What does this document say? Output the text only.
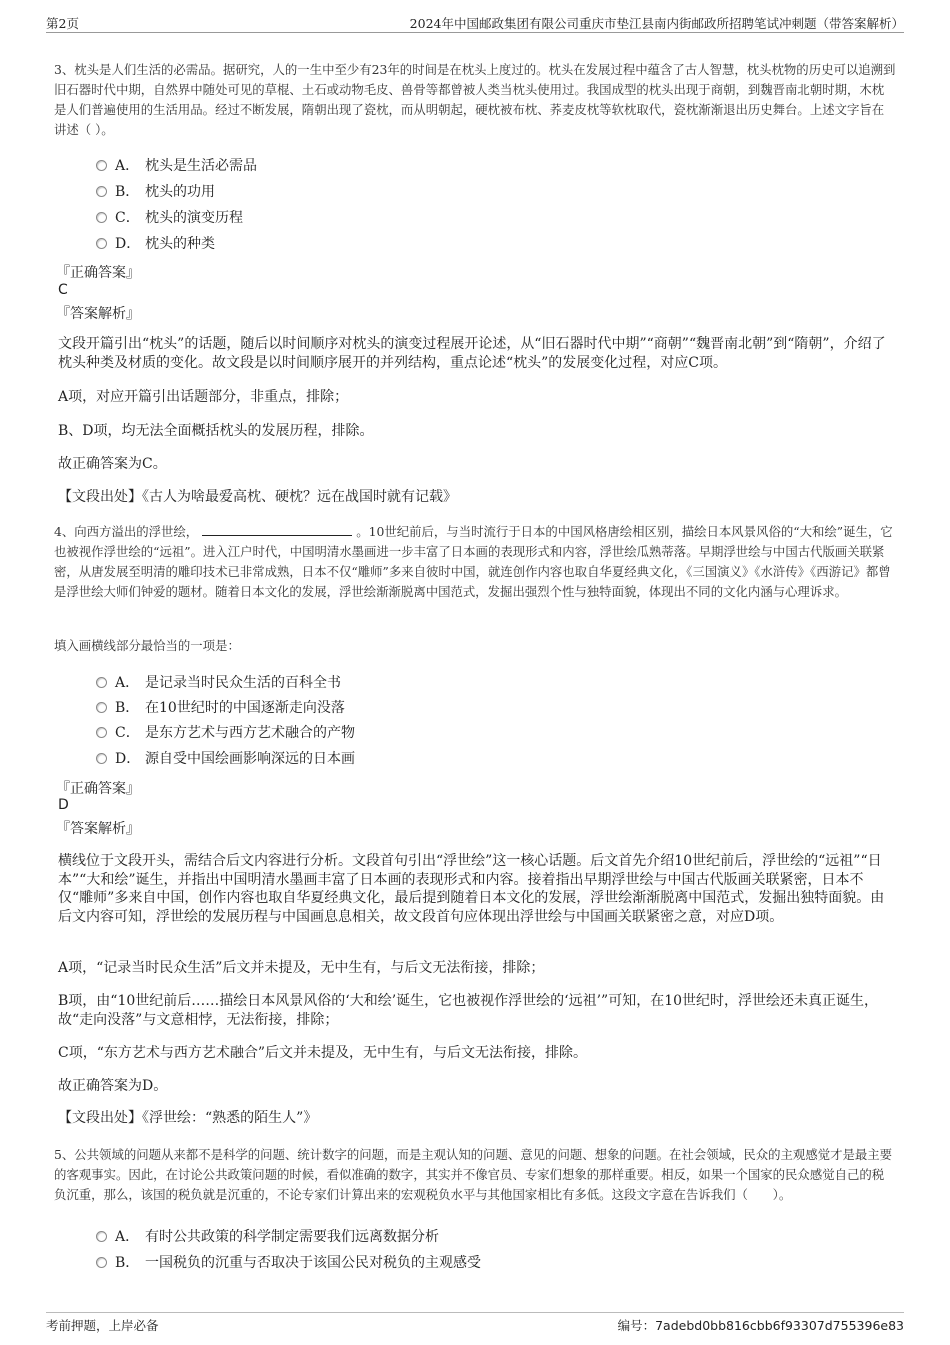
第2页	2024年中国邮政集团有限公司重庆市垫江县南内街邮政所招聘笔试冲刺题（带答案解析）

3、枕头是人们生活的必需品。据研究，人的一生中至少有23年的时间是在枕头上度过的。枕头在发展过程中蕴含了古人智慧，枕头枕物的历史可以追溯到旧石器时代中期，自然界中随处可见的草棍、土石或动物毛皮、兽骨等都曾被人类当枕头使用过。我国成型的枕头出现于商朝，到魏晋南北朝时期，木枕是人们普遍使用的生活用品。经过不断发展，隋朝出现了瓷枕，而从明朝起，硬枕被布枕、荞麦皮枕等软枕取代，瓷枕渐渐退出历史舞台。上述文字旨在讲述（ ）。

A． 枕头是生活必需品
B． 枕头的功用
C． 枕头的演变历程
D． 枕头的种类
『正确答案』
C
『答案解析』

文段开篇引出“枕头”的话题，随后以时间顺序对枕头的演变过程展开论述，从“旧石器时代中期”“商朝”“魏晋南北朝”到“隋朝”，介绍了枕头种类及材质的变化。故文段是以时间顺序展开的并列结构，重点论述“枕头”的发展变化过程，对应C项。

A项，对应开篇引出话题部分，非重点，排除；

B、D项，均无法全面概括枕头的发展历程，排除。

故正确答案为C。

【文段出处】《古人为啥最爱高枕、硬枕？远在战国时就有记载》

4、向西方溢出的浮世绘，	。10世纪前后，与当时流行于日本的中国风格唐绘相区别，描绘日本风景风俗的“大和绘”诞生，它也被视作浮世绘的“远祖”。进入江户时代，中国明清水墨画进一步丰富了日本画的表现形式和内容，浮世绘瓜熟蒂落。早期浮世绘与中国古代版画关联紧密，从唐发展至明清的雕印技术已非常成熟，日本不仅“雕师”多来自彼时中国，就连创作内容也取自华夏经典文化，《三国演义》《水浒传》《西游记》都曾是浮世绘大师们钟爱的题材。随着日本文化的发展，浮世绘渐渐脱离中国范式，发掘出强烈个性与独特面貌，体现出不同的文化内涵与心理诉求。

填入画横线部分最恰当的一项是：

A． 是记录当时民众生活的百科全书
B． 在10世纪时的中国逐渐走向没落
C． 是东方艺术与西方艺术融合的产物
D． 源自受中国绘画影响深远的日本画
『正确答案』
D
『答案解析』

横线位于文段开头，需结合后文内容进行分析。文段首句引出“浮世绘”这一核心话题。后文首先介绍10世纪前后，浮世绘的“远祖”“日本”“大和绘”诞生，并指出中国明清水墨画丰富了日本画的表现形式和内容。接着指出早期浮世绘与中国古代版画关联紧密，日本不仅“雕师”多来自中国，创作内容也取自华夏经典文化，最后提到随着日本文化的发展，浮世绘渐渐脱离中国范式，发掘出独特面貌。由后文内容可知，浮世绘的发展历程与中国画息息相关，故文段首句应体现出浮世绘与中国画关联紧密之意，对应D项。

A项，“记录当时民众生活”后文并未提及，无中生有，与后文无法衔接，排除；

B项，由“10世纪前后……描绘日本风景风俗的‘大和绘’诞生，它也被视作浮世绘的‘远祖’”可知，在10世纪时，浮世绘还未真正诞生，故“走向没落”与文意相悖，无法衔接，排除；

C项，“东方艺术与西方艺术融合”后文并未提及，无中生有，与后文无法衔接，排除。

故正确答案为D。

【文段出处】《浮世绘：“熟悉的陌生人”》

5、公共领域的问题从来都不是科学的问题、统计数字的问题，而是主观认知的问题、意见的问题、想象的问题。在社会领域，民众的主观感觉才是最主要的客观事实。因此，在讨论公共政策问题的时候，看似准确的数字，其实并不像官员、专家们想象的那样重要。相反，如果一个国家的民众感觉自己的税负沉重，那么，该国的税负就是沉重的，不论专家们计算出来的宏观税负水平与其他国家相比有多低。这段文字意在告诉我们（　　）。

A． 有时公共政策的科学制定需要我们远离数据分析
B． 一国税负的沉重与否取决于该国公民对税负的主观感受
考前押题，上岸必备	编号：7adebd0bb816cbb6f93307d755396e83
